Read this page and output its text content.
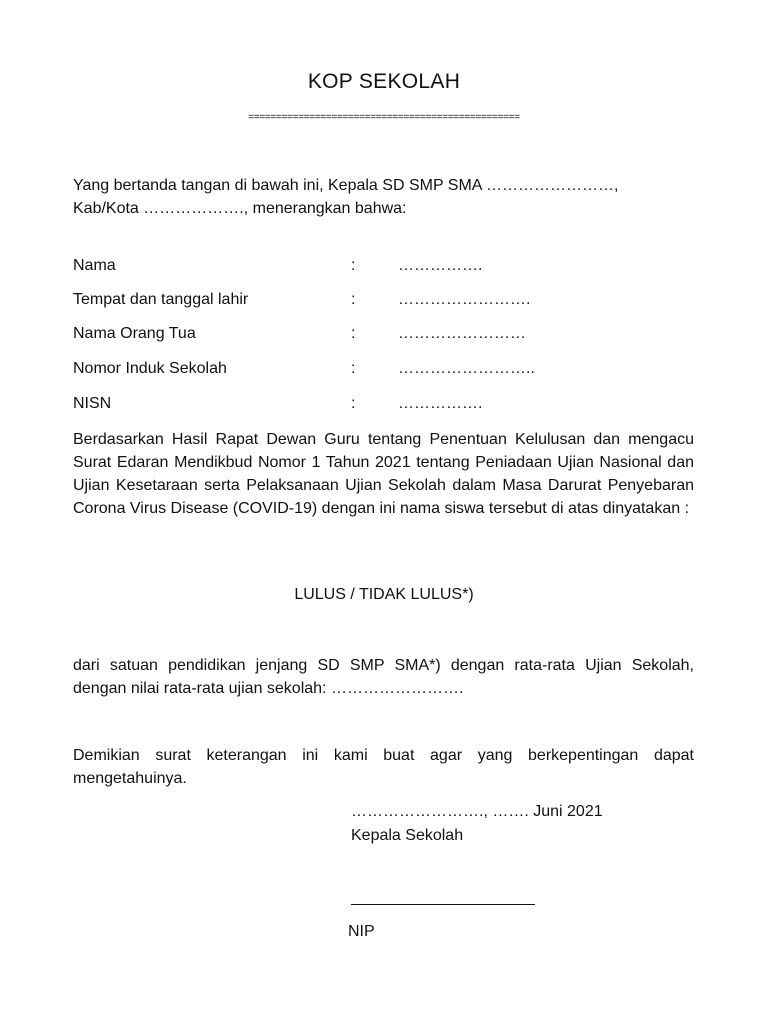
KOP SEKOLAH
=================================================
Yang bertanda tangan di bawah ini, Kepala SD SMP SMA ……………………,
Kab/Kota ………………., menerangkan bahwa:
Nama	:	…………….
Tempat dan tanggal lahir	:	…………………….
Nama Orang Tua	:	……………………
Nomor Induk Sekolah	:	……………………..
NISN	:	…………….
Berdasarkan Hasil Rapat Dewan Guru tentang Penentuan Kelulusan dan mengacu Surat Edaran Mendikbud Nomor 1 Tahun 2021 tentang Peniadaan Ujian Nasional dan Ujian Kesetaraan serta Pelaksanaan Ujian Sekolah dalam Masa Darurat Penyebaran Corona Virus Disease (COVID-19) dengan ini nama siswa tersebut di atas dinyatakan :
LULUS / TIDAK LULUS*)
dari satuan pendidikan jenjang SD SMP SMA*) dengan rata-rata Ujian Sekolah, dengan nilai rata-rata ujian sekolah: …………………….
Demikian surat keterangan ini kami buat agar yang berkepentingan dapat mengetahuinya.
……………………., ……. Juni 2021
Kepala Sekolah
NIP
